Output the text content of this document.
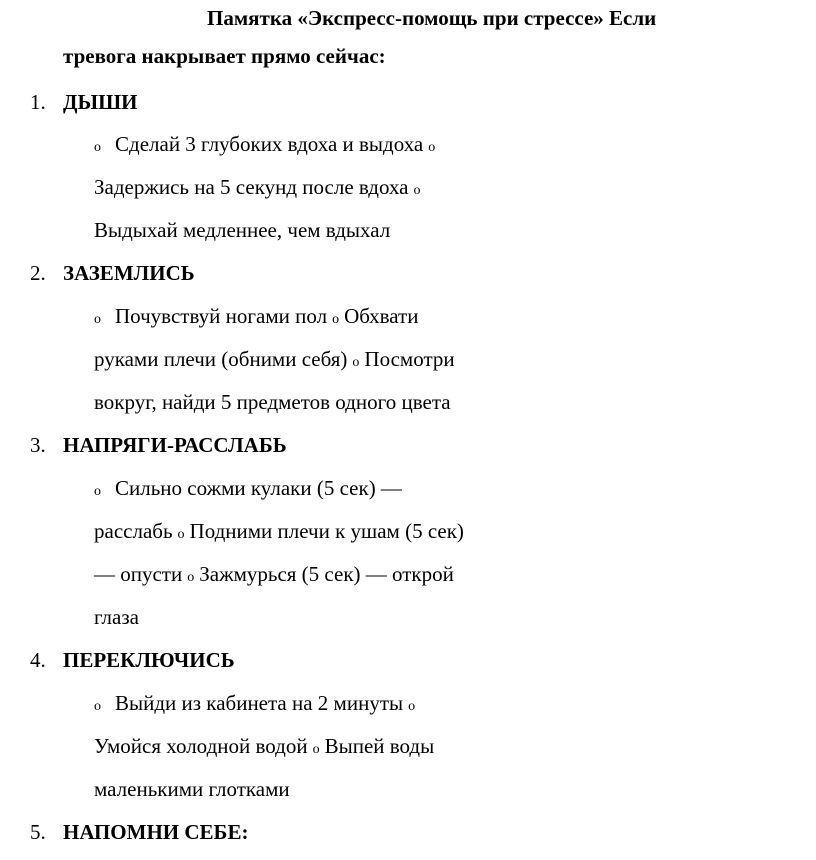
Памятка «Экспресс-помощь при стрессе» Если
тревога накрывает прямо сейчас:
1. ДЫШИ
o Сделай 3 глубоких вдоха и выдоха o
Задержись на 5 секунд после вдоха o
Выдыхай медленнее, чем вдыхал
2. ЗАЗЕМЛИСЬ
o Почувствуй ногами пол o Обхвати
руками плечи (обними себя) o Посмотри
вокруг, найди 5 предметов одного цвета
3. НАПРЯГИ-РАССЛАБЬ
o Сильно сожми кулаки (5 сек) —
расслабь o Подними плечи к ушам (5 сек)
— опусти o Зажмурься (5 сек) — открой
глаза
4. ПЕРЕКЛЮЧИСЬ
o Выйди из кабинета на 2 минуты o
Умойся холодной водой o Выпей воды
маленькими глотками
5. НАПОМНИ СЕБЕ:
